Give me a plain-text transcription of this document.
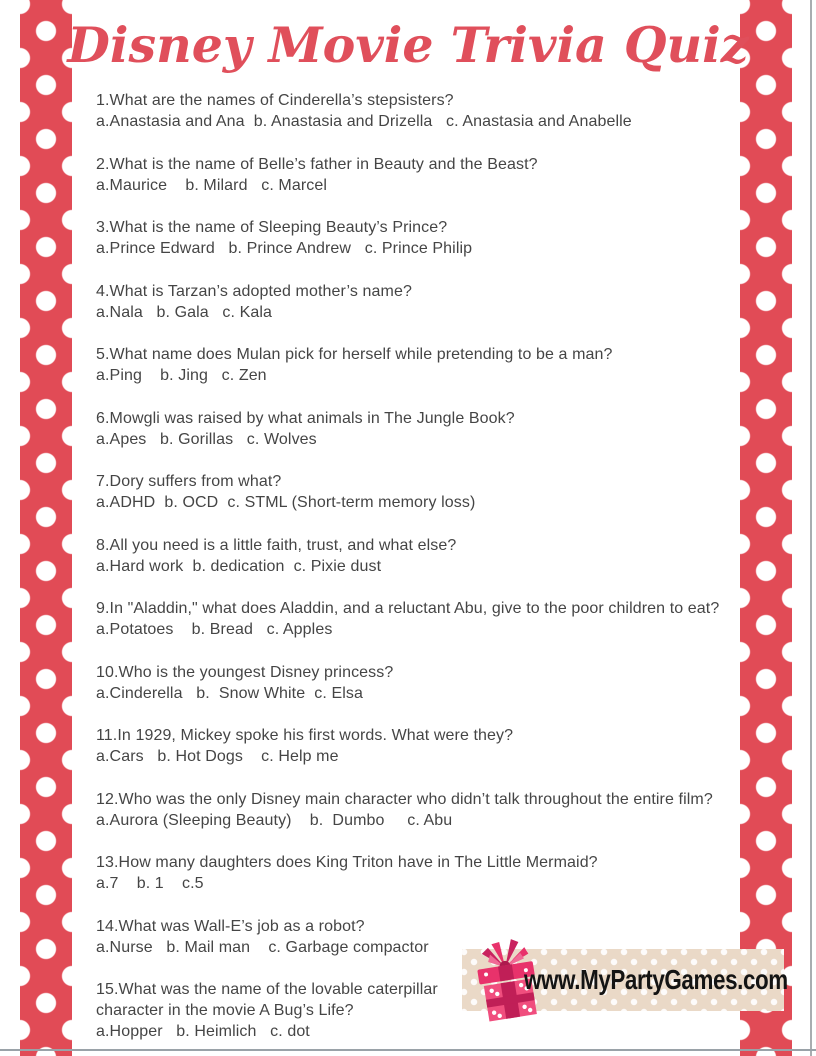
Disney Movie Trivia Quiz

1.What are the names of Cinderella’s stepsisters?

a.Anastasia and Ana  b. Anastasia and Drizella   c. Anastasia and Anabelle

2.What is the name of Belle’s father in Beauty and the Beast?

a.Maurice    b. Milard   c. Marcel

3.What is the name of Sleeping Beauty’s Prince?

a.Prince Edward   b. Prince Andrew   c. Prince Philip

4.What is Tarzan’s adopted mother’s name?

a.Nala   b. Gala   c. Kala

5.What name does Mulan pick for herself while pretending to be a man?

a.Ping    b. Jing   c. Zen

6.Mowgli was raised by what animals in The Jungle Book?

a.Apes   b. Gorillas   c. Wolves

7.Dory suffers from what?

a.ADHD  b. OCD  c. STML (Short-term memory loss)

8.All you need is a little faith, trust, and what else?

a.Hard work  b. dedication  c. Pixie dust

9.In "Aladdin," what does Aladdin, and a reluctant Abu, give to the poor children to eat?

a.Potatoes    b. Bread   c. Apples

10.Who is the youngest Disney princess?

a.Cinderella   b.  Snow White  c. Elsa

11.In 1929, Mickey spoke his first words. What were they?

a.Cars   b. Hot Dogs    c. Help me

12.Who was the only Disney main character who didn’t talk throughout the entire film?

a.Aurora (Sleeping Beauty)    b.  Dumbo     c. Abu

13.How many daughters does King Triton have in The Little Mermaid?

a.7    b. 1    c.5

14.What was Wall-E’s job as a robot?

a.Nurse   b. Mail man    c. Garbage compactor

15.What was the name of the lovable caterpillar character in the movie A Bug’s Life?

a.Hopper   b. Heimlich   c. dot

www.MyPartyGames.com
